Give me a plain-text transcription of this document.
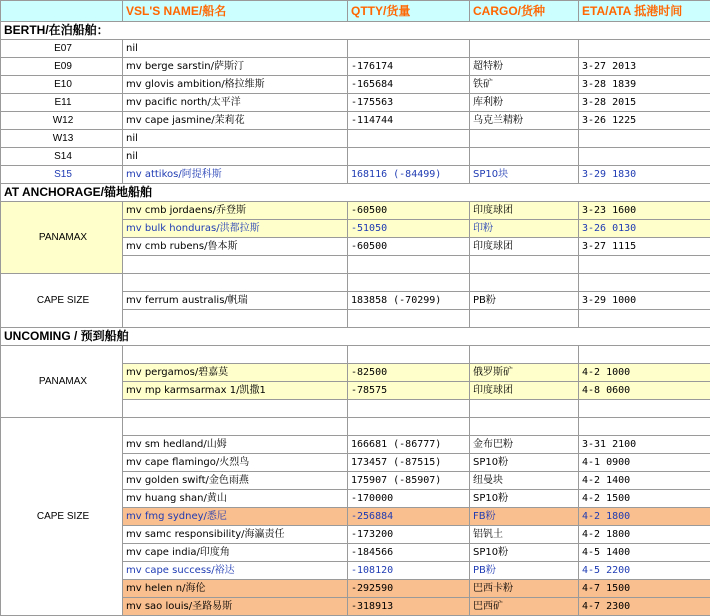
	VSL'S NAME/船名	QTTY/货量	CARGO/货种	ETA/ATA 抵港时间
BERTH/在泊船舶：				
E07	nil			
E09	mv berge sarstin/萨斯汀	-176174	超特粉	3-27 2013
E10	mv glovis ambition/格拉维斯	-165684	铁矿	3-28 1839
E11	mv pacific north/太平洋	-175563	库利粉	3-28 2015
W12	mv cape jasmine/茉莉花	-114744	乌克兰精粉	3-26 1225
W13	nil			
S14	nil			
S15	mv attikos/阿提科斯	168116 (-84499)	SP10块	3-29 1830
AT ANCHORAGE/锚地船舶				
PANAMAX	mv cmb jordaens/乔登斯	-60500	印度球团	3-23 1600
	mv bulk honduras/洪都拉斯	-51050	印粉	3-26 0130
	mv cmb rubens/鲁本斯	-60500	印度球团	3-27 1115

CAPE SIZE				
	mv ferrum australis/帆瑞	183858 (-70299)	PB粉	3-29 1000

UNCOMING / 预到船舶				
PANAMAX				
	mv pergamos/碧嘉莫	-82500	俄罗斯矿	4-2 1000
	mv mp karmsarmax 1/凯撒1	-78575	印度球团	4-8 0600

CAPE SIZE				
	mv sm hedland/山姆	166681 (-86777)	金布巴粉	3-31 2100
	mv cape flamingo/火烈鸟	173457 (-87515)	SP10粉	4-1 0900
	mv golden swift/金色雨燕	175907 (-85907)	纽曼块	4-2 1400
	mv huang shan/黄山	-170000	SP10粉	4-2 1500
	mv fmg sydney/悉尼	-256884	FB粉	4-2 1800
	mv samc responsibility/海瀛责任	-173200	铝钒土	4-2 1800
	mv cape india/印度角	-184566	SP10粉	4-5 1400
	mv cape success/裕达	-108120	PB粉	4-5 2200
	mv helen n/海伦	-292590	巴西卡粉	4-7 1500
	mv sao louis/圣路易斯	-318913	巴西矿	4-7 2300
